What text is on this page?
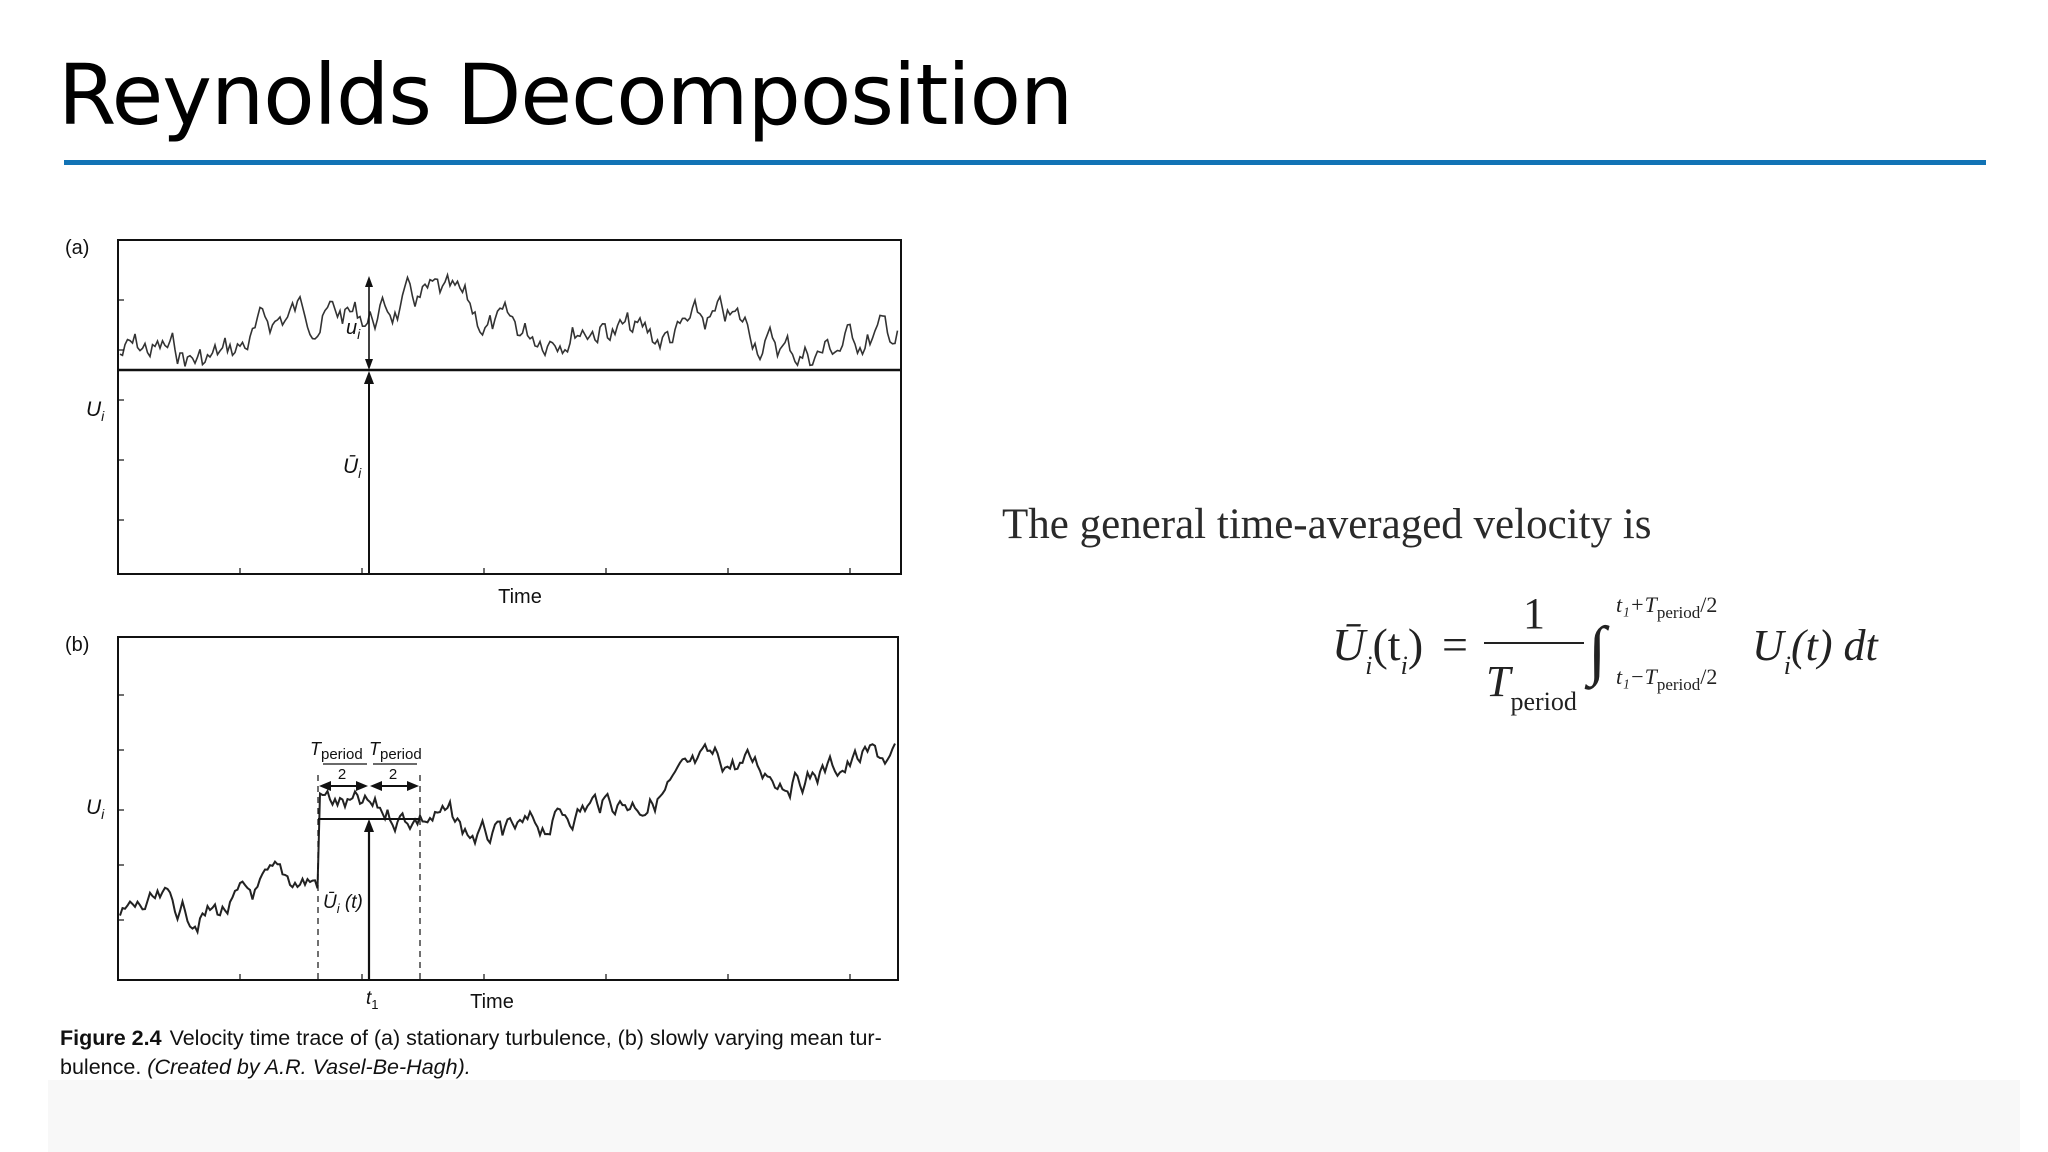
Reynolds Decomposition
(a)
$u_i$
$U_i$
$Ū_i$
Time
(b)
$T_{period}$
2
$T_{period}$
2
$U_i$
$Ū_i$ (t)
$t_1$	Time
Figure 2.4 Velocity time trace of (a) stationary turbulence, (b) slowly varying mean tur-bulence. (Created by A.R. Vasel-Be-Hagh).
The general time-averaged velocity is
$Ū_i(t_i)$ =
1
$T_{period}$
∫
$t_1+T_{period}/2$
$t_1-T_{period}/2$
$U_i(t)$ dt
